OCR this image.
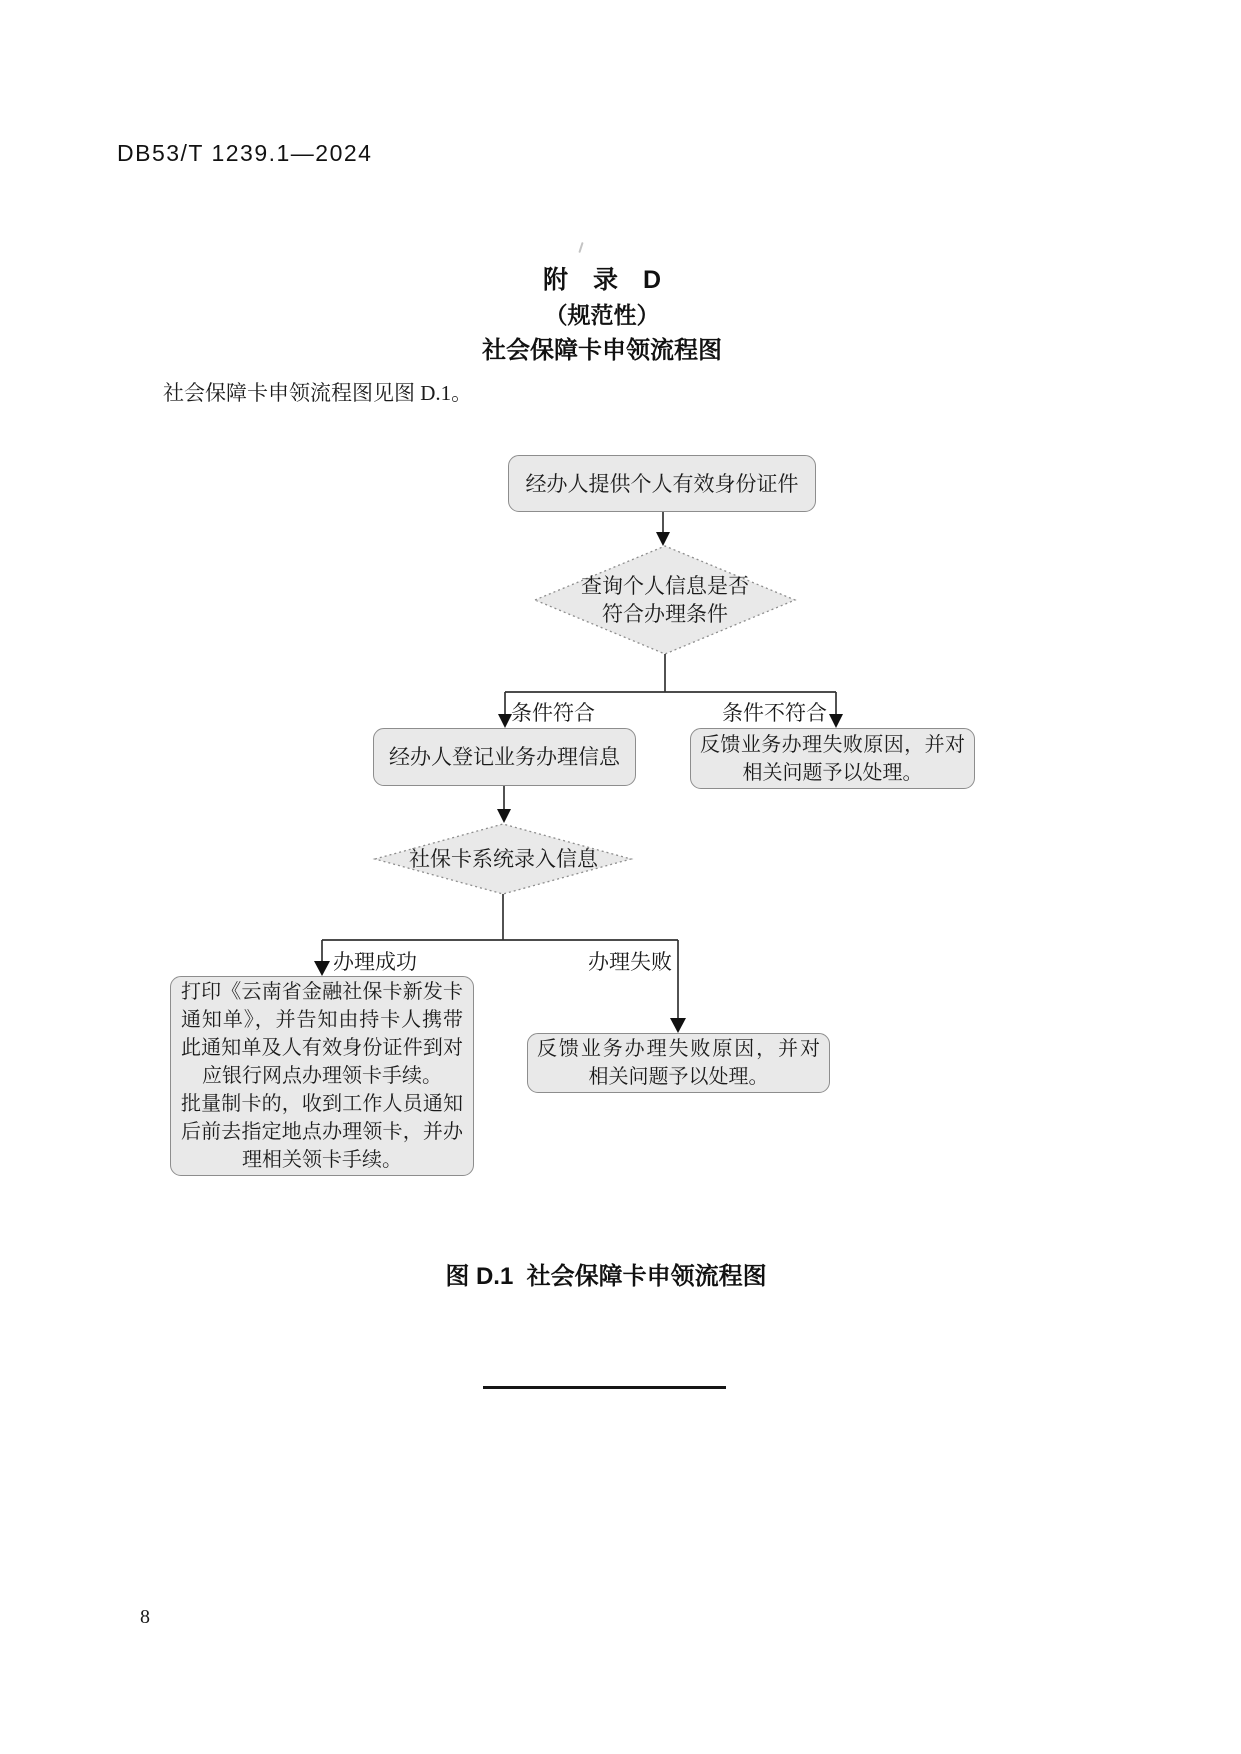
DB53/T 1239.1—2024
附　录　D
（规范性）
社会保障卡申领流程图
社会保障卡申领流程图见图 D.1。
经办人提供个人有效身份证件
查询个人信息是否
符合办理条件
条件符合	条件不符合
经办人登记业务办理信息
反馈业务办理失败原因，并对
相关问题予以处理。
社保卡系统录入信息
办理成功	办理失败
打印《云南省金融社保卡新发卡
通知单》，并告知由持卡人携带
此通知单及人有效身份证件到对
应银行网点办理领卡手续。
批量制卡的，收到工作人员通知
后前去指定地点办理领卡，并办
理相关领卡手续。
反馈业务办理失败原因，并对
相关问题予以处理。
图 D.1  社会保障卡申领流程图
8
